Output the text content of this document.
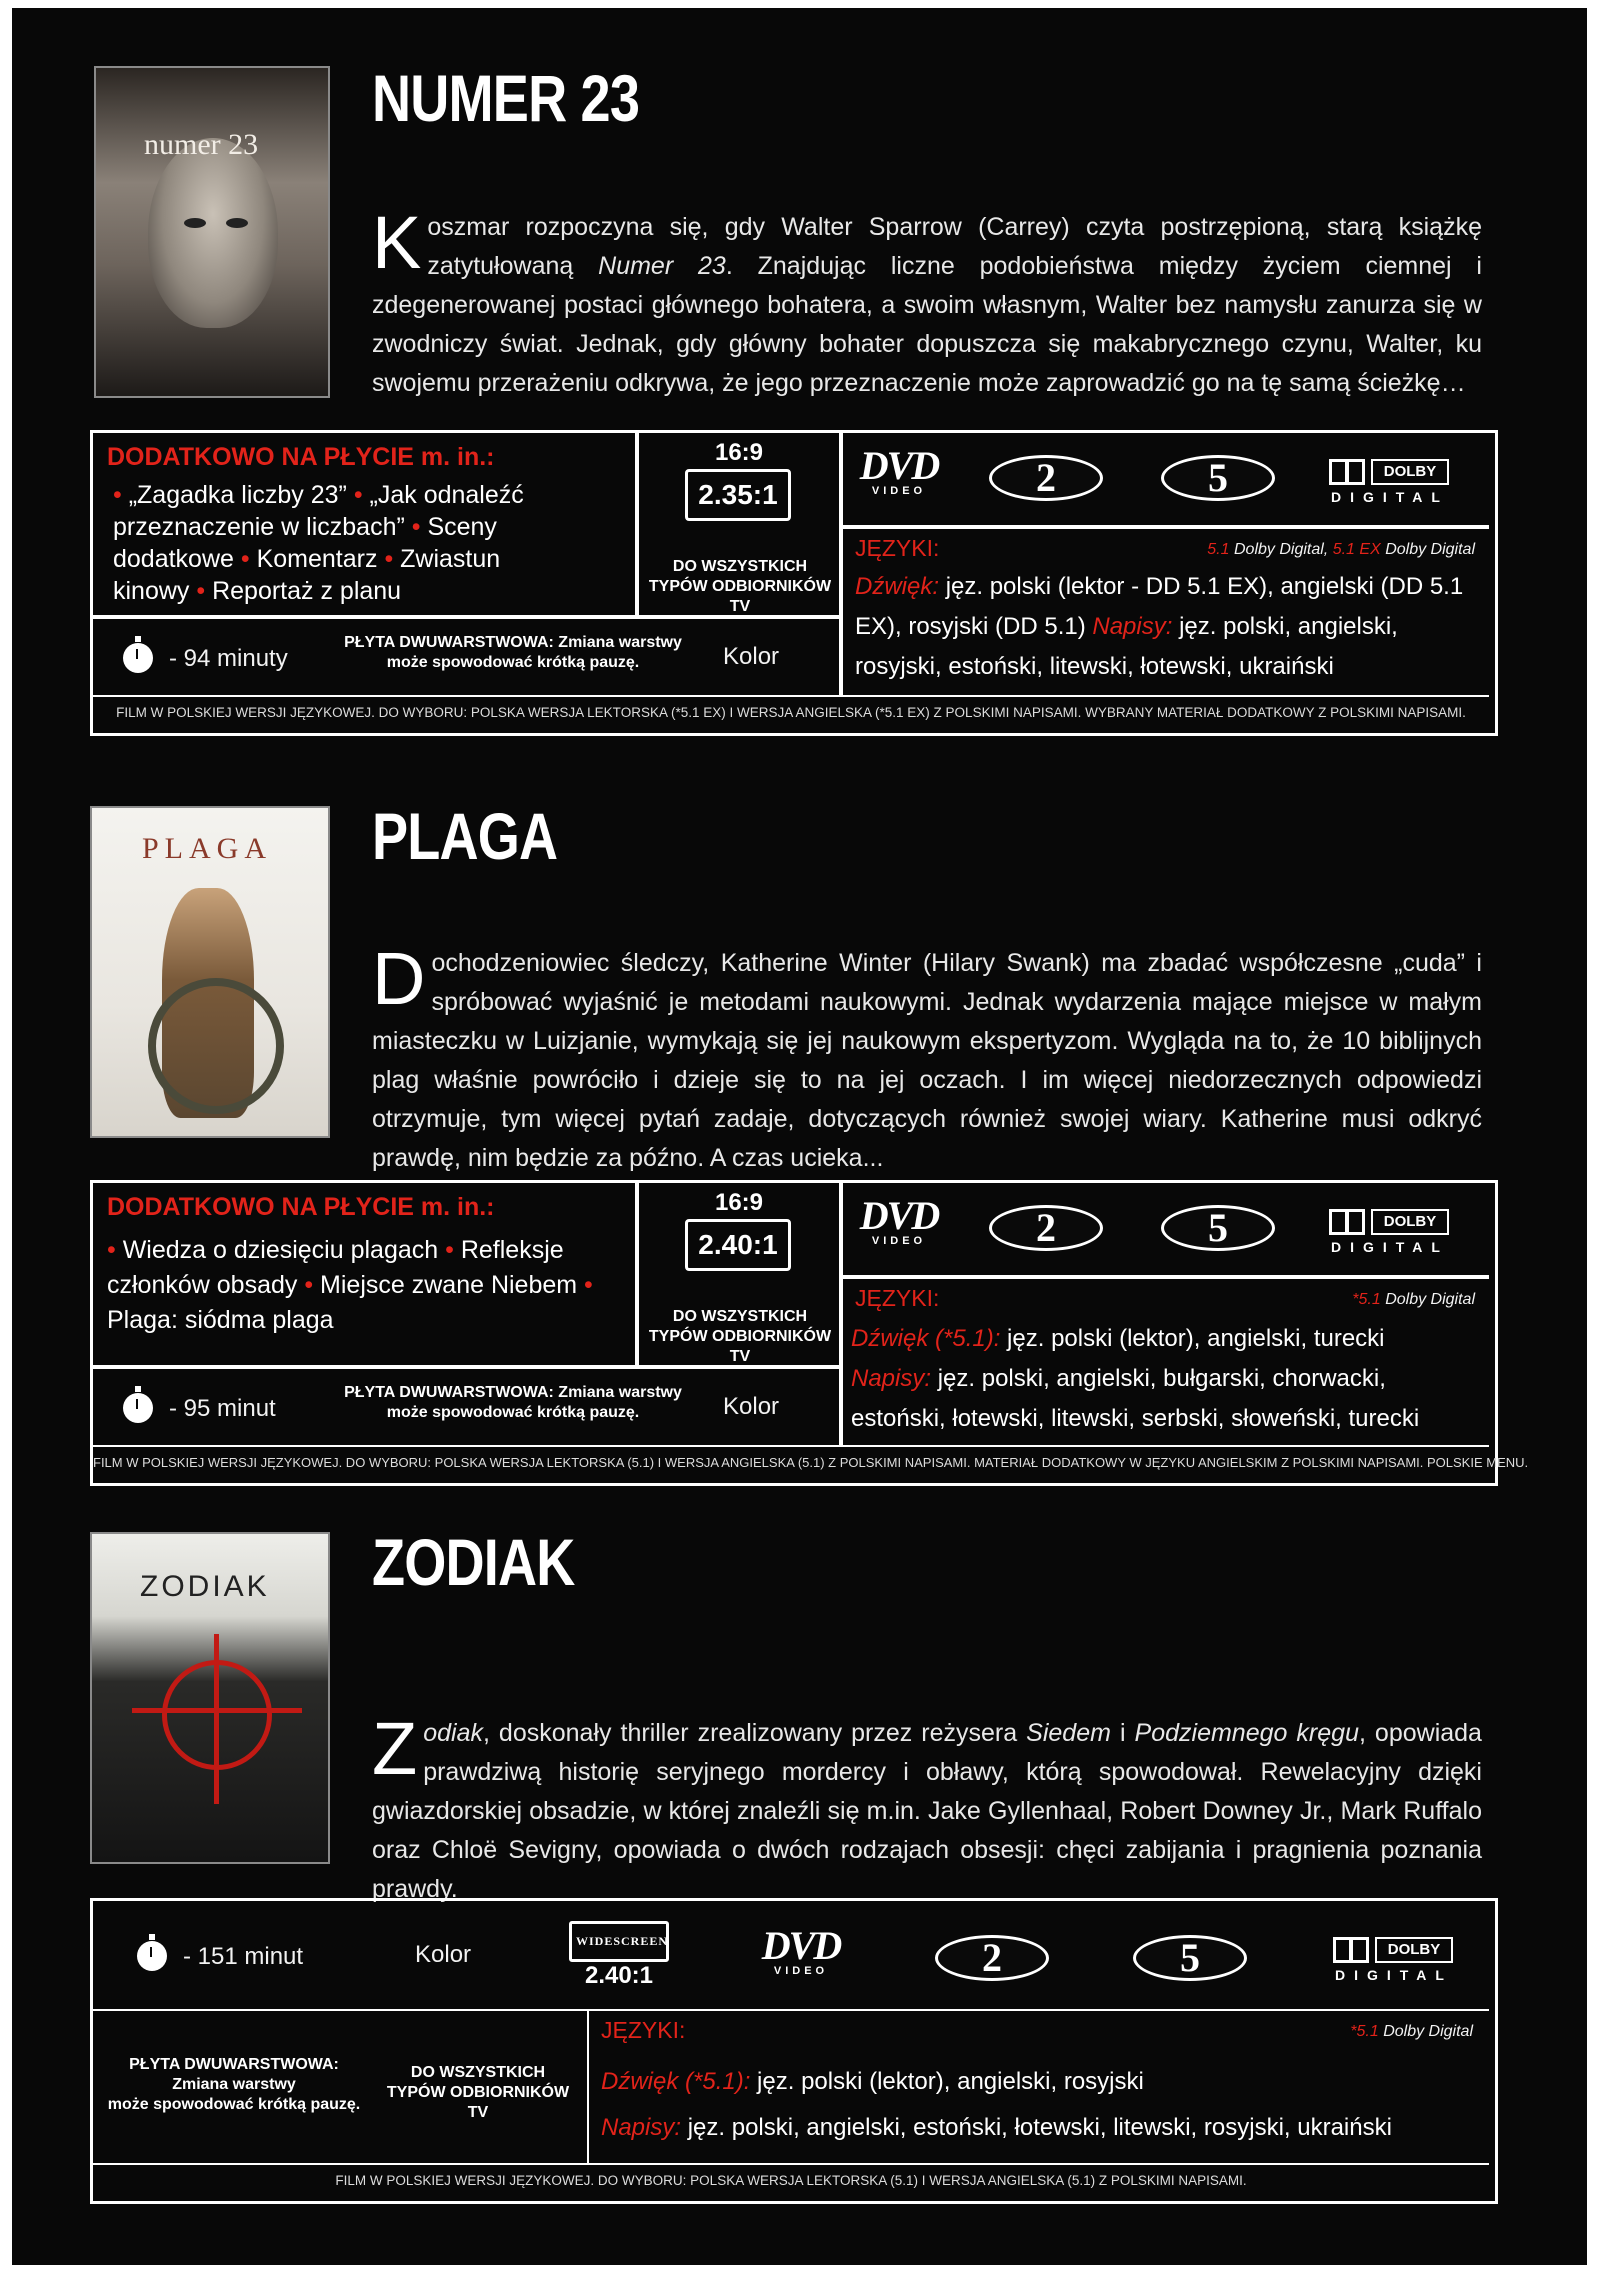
numer 23
NUMER 23
Koszmar rozpoczyna się, gdy Walter Sparrow (Carrey) czyta postrzępioną, starą książkę zatytułowaną Numer 23. Znajdując liczne podobieństwa między życiem ciemnej i zdegenerowanej postaci głównego bohatera, a swoim własnym, Walter bez namysłu zanurza się w zwodniczy świat. Jednak, gdy główny bohater dopuszcza się makabrycznego czynu, Walter, ku swojemu przerażeniu odkrywa, że jego przeznaczenie może zaprowadzić go na tę samą ścieżkę…
DODATKOWO NA PŁYCIE m. in.:
• „Zagadka liczby 23” • „Jak odnaleźć przeznaczenie w liczbach” • Sceny dodatkowe • Komentarz • Zwiastun kinowy • Reportaż z planu
16:9
2.35:1
DO WSZYSTKICH TYPÓW ODBIORNIKÓW TV
DVD
VIDEO	2	5	DOLBY
DIGITAL
JĘZYKI:	5.1 Dolby Digital, 5.1 EX Dolby Digital
Dźwięk: jęz. polski (lektor - DD 5.1 EX), angielski (DD 5.1 EX), rosyjski (DD 5.1) Napisy: jęz. polski, angielski, rosyjski, estoński, litewski, łotewski, ukraiński
- 94 minuty
PŁYTA DWUWARSTWOWA: Zmiana warstwy może spowodować krótką pauzę.	Kolor
FILM W POLSKIEJ WERSJI JĘZYKOWEJ. DO WYBORU: POLSKA WERSJA LEKTORSKA (*5.1 EX) I WERSJA ANGIELSKA (*5.1 EX) Z POLSKIMI NAPISAMI. WYBRANY MATERIAŁ DODATKOWY Z POLSKIMI NAPISAMI.
PLAGA PLAGA
Dochodzeniowiec śledczy, Katherine Winter (Hilary Swank) ma zbadać współczesne „cuda” i spróbować wyjaśnić je metodami naukowymi. Jednak wydarzenia mające miejsce w małym miasteczku w Luizjanie, wymykają się jej naukowym ekspertyzom. Wygląda na to, że 10 biblijnych plag właśnie powróciło i dzieje się to na jej oczach. I im więcej niedorzecznych odpowiedzi otrzymuje, tym więcej pytań zadaje, dotyczących również swojej wiary. Katherine musi odkryć prawdę, nim będzie za późno. A czas ucieka...
DODATKOWO NA PŁYCIE m. in.:
• Wiedza o dziesięciu plagach • Refleksje członków obsady • Miejsce zwane Niebem • Plaga: siódma plaga
16:9
2.40:1
DO WSZYSTKICH TYPÓW ODBIORNIKÓW TV
DVD
VIDEO	2	5	DOLBY
DIGITAL
JĘZYKI:	*5.1 Dolby Digital
Dźwięk (*5.1): jęz. polski (lektor), angielski, turecki
Napisy: jęz. polski, angielski, bułgarski, chorwacki, estoński, łotewski, litewski, serbski, słoweński, turecki
- 95 minut
PŁYTA DWUWARSTWOWA: Zmiana warstwy może spowodować krótką pauzę.	Kolor
FILM W POLSKIEJ WERSJI JĘZYKOWEJ. DO WYBORU: POLSKA WERSJA LEKTORSKA (5.1) I WERSJA ANGIELSKA (5.1) Z POLSKIMI NAPISAMI. MATERIAŁ DODATKOWY W JĘZYKU ANGIELSKIM Z POLSKIMI NAPISAMI. POLSKIE MENU.
ZODIAK ZODIAK
Zodiak, doskonały thriller zrealizowany przez reżysera Siedem i Podziemnego kręgu, opowiada prawdziwą historię seryjnego mordercy i obławy, którą spowodował. Rewelacyjny dzięki gwiazdorskiej obsadzie, w której znaleźli się m.in. Jake Gyllenhaal, Robert Downey Jr., Mark Ruffalo oraz Chloë Sevigny, opowiada o dwóch rodzajach obsesji: chęci zabijania i pragnienia poznania prawdy.
- 151 minut	Kolor	WIDESCREEN
2.40:1
DVD
VIDEO	2	5	DOLBY
DIGITAL
PŁYTA DWUWARSTWOWA:
Zmiana warstwy
może spowodować krótką pauzę.
DO WSZYSTKICH TYPÓW ODBIORNIKÓW TV
JĘZYKI:	*5.1 Dolby Digital
Dźwięk (*5.1): jęz. polski (lektor), angielski, rosyjski
Napisy: jęz. polski, angielski, estoński, łotewski, litewski, rosyjski, ukraiński
FILM W POLSKIEJ WERSJI JĘZYKOWEJ. DO WYBORU: POLSKA WERSJA LEKTORSKA (5.1) I WERSJA ANGIELSKA (5.1) Z POLSKIMI NAPISAMI.
